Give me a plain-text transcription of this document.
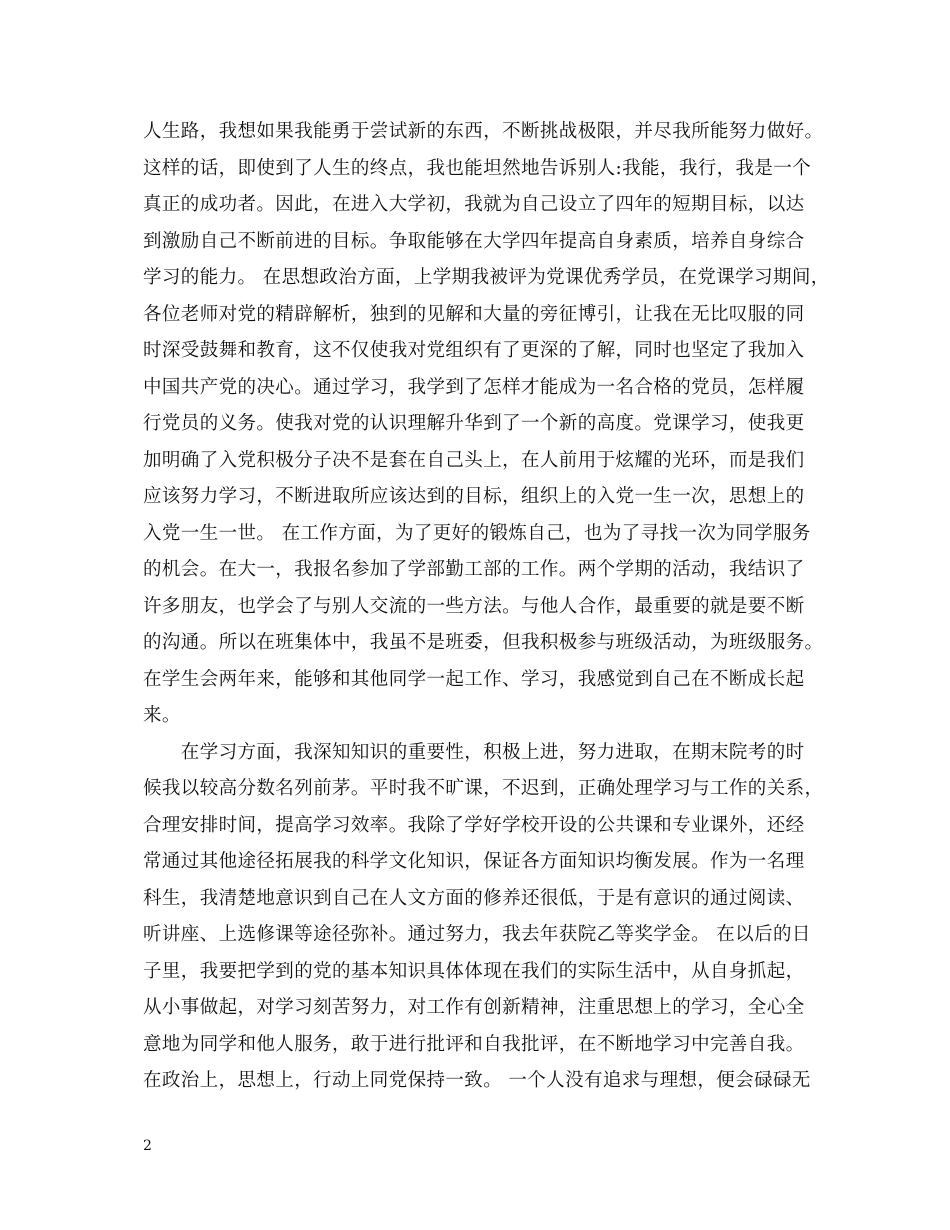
人生路，我想如果我能勇于尝试新的东西，不断挑战极限，并尽我所能努力做好。
这样的话，即使到了人生的终点，我也能坦然地告诉别人:我能，我行，我是一个
真正的成功者。因此，在进入大学初，我就为自己设立了四年的短期目标，以达
到激励自己不断前进的目标。争取能够在大学四年提高自身素质，培养自身综合
学习的能力。 在思想政治方面，上学期我被评为党课优秀学员，在党课学习期间，
各位老师对党的精辟解析，独到的见解和大量的旁征博引，让我在无比叹服的同
时深受鼓舞和教育，这不仅使我对党组织有了更深的了解，同时也坚定了我加入
中国共产党的决心。通过学习，我学到了怎样才能成为一名合格的党员，怎样履
行党员的义务。使我对党的认识理解升华到了一个新的高度。党课学习，使我更
加明确了入党积极分子决不是套在自己头上，在人前用于炫耀的光环，而是我们
应该努力学习，不断进取所应该达到的目标，组织上的入党一生一次，思想上的
入党一生一世。 在工作方面，为了更好的锻炼自己，也为了寻找一次为同学服务
的机会。在大一，我报名参加了学部勤工部的工作。两个学期的活动，我结识了
许多朋友，也学会了与别人交流的一些方法。与他人合作，最重要的就是要不断
的沟通。所以在班集体中，我虽不是班委，但我积极参与班级活动，为班级服务。
在学生会两年来，能够和其他同学一起工作、学习，我感觉到自己在不断成长起
来。
　　在学习方面，我深知知识的重要性，积极上进，努力进取，在期末院考的时
候我以较高分数名列前茅。平时我不旷课，不迟到，正确处理学习与工作的关系，
合理安排时间，提高学习效率。我除了学好学校开设的公共课和专业课外，还经
常通过其他途径拓展我的科学文化知识，保证各方面知识均衡发展。作为一名理
科生，我清楚地意识到自己在人文方面的修养还很低，于是有意识的通过阅读、
听讲座、上选修课等途径弥补。通过努力，我去年获院乙等奖学金。 在以后的日
子里，我要把学到的党的基本知识具体体现在我们的实际生活中，从自身抓起，
从小事做起，对学习刻苦努力，对工作有创新精神，注重思想上的学习，全心全
意地为同学和他人服务，敢于进行批评和自我批评，在不断地学习中完善自我。
在政治上，思想上，行动上同党保持一致。 一个人没有追求与理想，便会碌碌无
2
